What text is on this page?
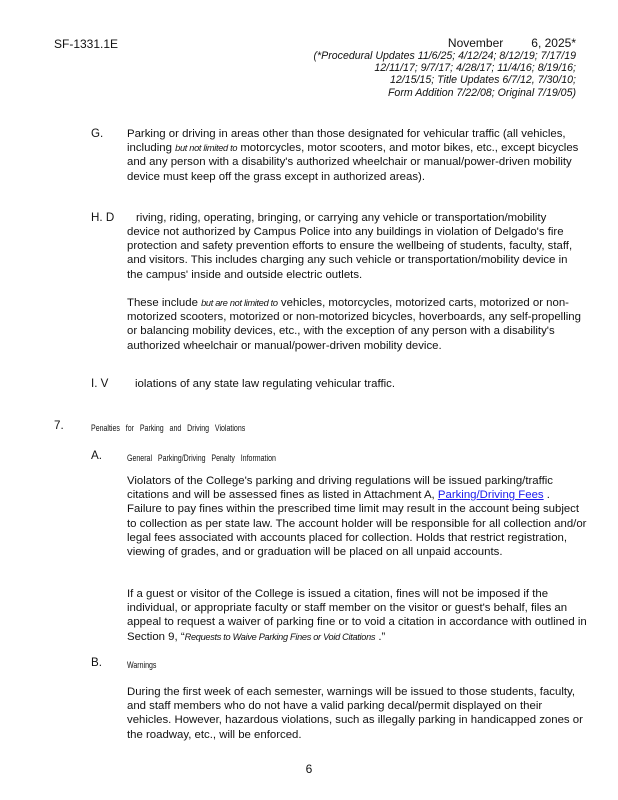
SF-1331.1E	November 6, 2025*
(*Procedural Updates 11/6/25; 4/12/24; 8/12/19; 7/17/19
12/11/17; 9/7/17; 4/28/17; 11/4/16; 8/19/16;
12/15/15; Title Updates 6/7/12, 7/30/10;
Form Addition 7/22/08; Original 7/19/05)
G. Parking or driving in areas other than those designated for vehicular traffic (all vehicles, including but not limited to motorcycles, motor scooters, and motor bikes, etc., except bicycles and any person with a disability's authorized wheelchair or manual/power-driven mobility device must keep off the grass except in authorized areas).
H. D riving, riding, operating, bringing, or carrying any vehicle or transportation/mobility
device not authorized by Campus Police into any buildings in violation of Delgado's fire protection and safety prevention efforts to ensure the wellbeing of students, faculty, staff, and visitors. This includes charging any such vehicle or transportation/mobility device in the campus' inside and outside electric outlets.
These include but are not limited to vehicles, motorcycles, motorized carts, motorized or non-motorized scooters, motorized or non-motorized bicycles, hoverboards, any self-propelling or balancing mobility devices, etc., with the exception of any person with a disability's authorized wheelchair or manual/power-driven mobility device.
I. V iolations of any state law regulating vehicular traffic.
7.	Penalties   for   Parking   and   Driving   Violations
A.	General   Parking/Driving   Penalty   Information
Violators of the College's parking and driving regulations will be issued parking/traffic citations and will be assessed fines as listed in Attachment A, Parking/Driving Fees . Failure to pay fines within the prescribed time limit may result in the account being subject to collection as per state law. The account holder will be responsible for all collection and/or legal fees associated with accounts placed for collection. Holds that restrict registration, viewing of grades, and or graduation will be placed on all unpaid accounts.
If a guest or visitor of the College is issued a citation, fines will not be imposed if the individual, or appropriate faculty or staff member on the visitor or guest's behalf, files an appeal to request a waiver of parking fine or to void a citation in accordance with outlined in Section 9, “Requests to Waive Parking Fines or Void Citations .”
B.	Warnings
During the first week of each semester, warnings will be issued to those students, faculty, and staff members who do not have a valid parking decal/permit displayed on their vehicles. However, hazardous violations, such as illegally parking in handicapped zones or the roadway, etc., will be enforced.
6
